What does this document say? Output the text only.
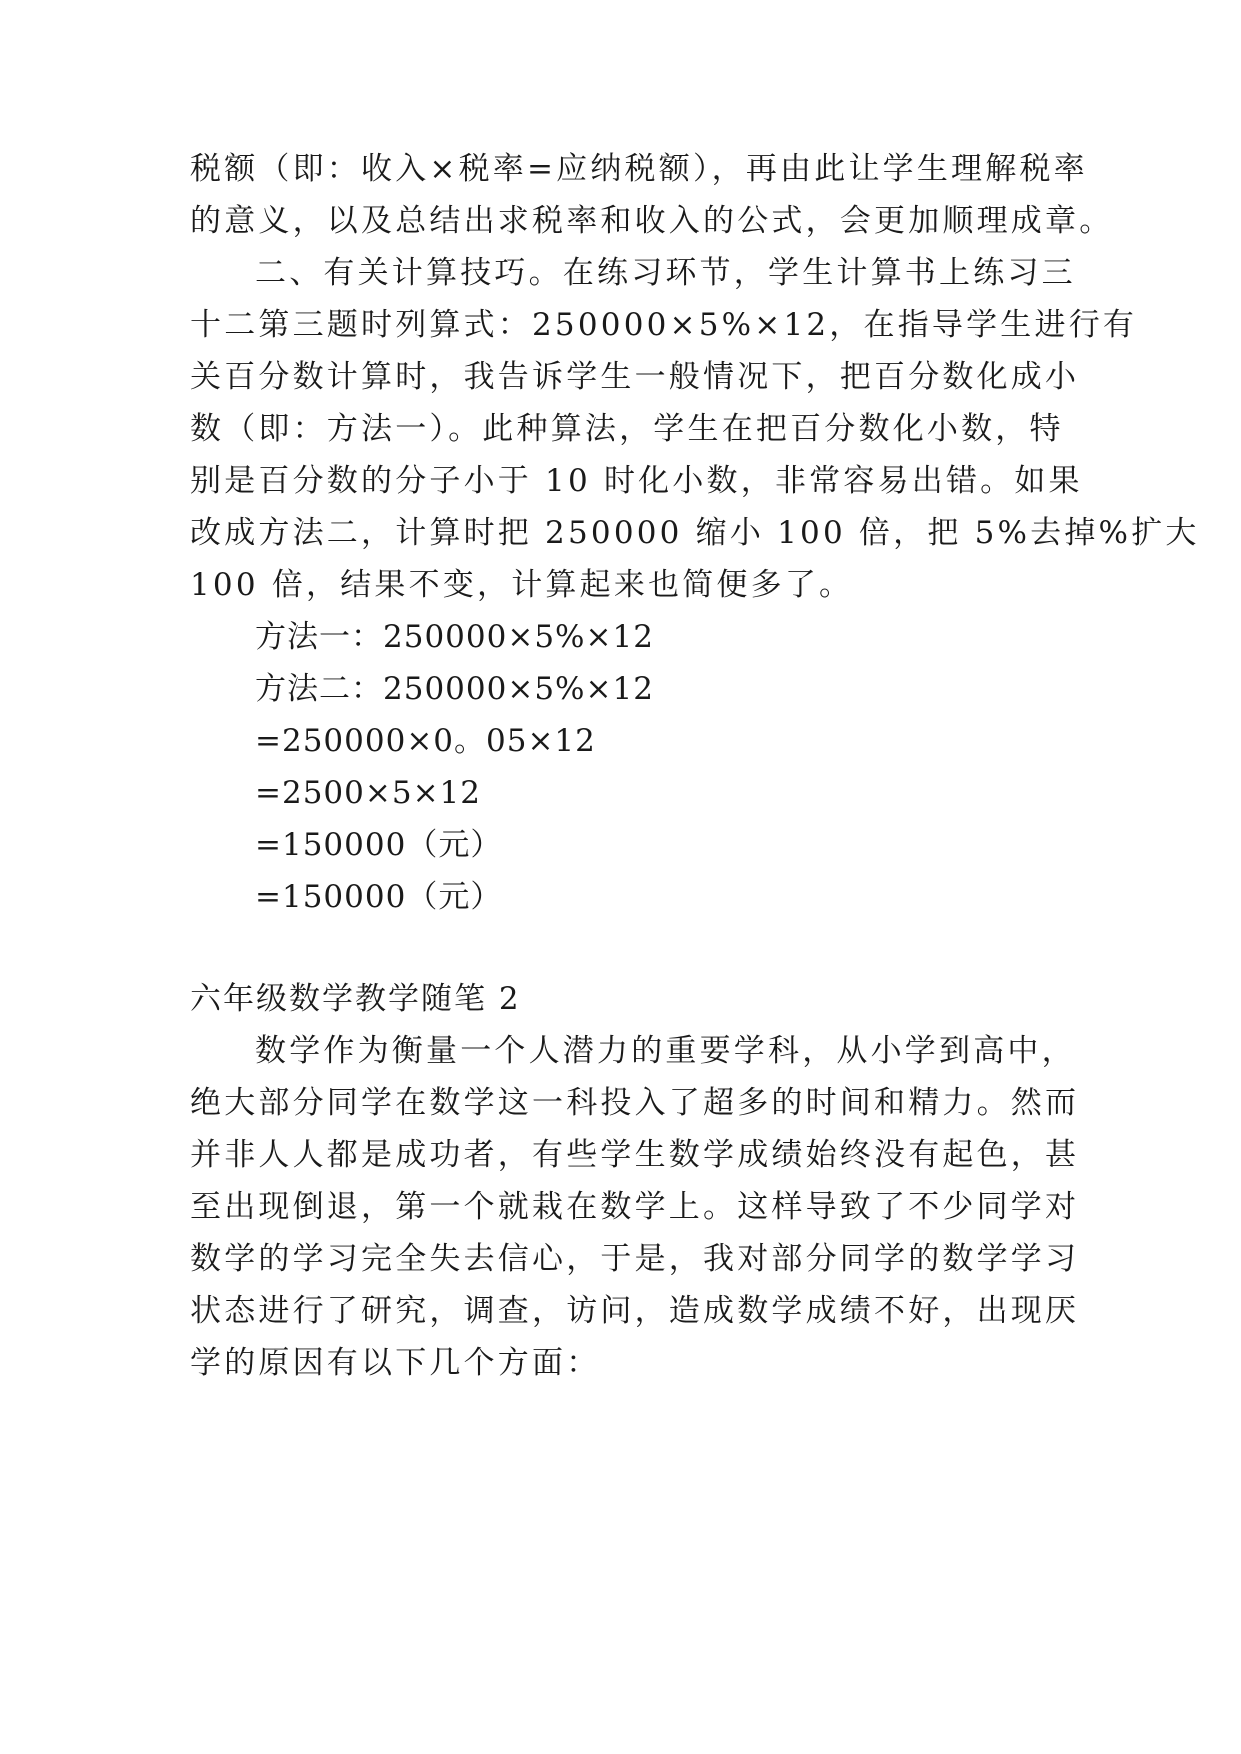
税额（即：收入×税率=应纳税额），再由此让学生理解税率
的意义，以及总结出求税率和收入的公式，会更加顺理成章。
二、有关计算技巧。在练习环节，学生计算书上练习三
十二第三题时列算式：250000×5%×12，在指导学生进行有
关百分数计算时，我告诉学生一般情况下，把百分数化成小
数（即：方法一）。此种算法，学生在把百分数化小数，特
别是百分数的分子小于 10 时化小数，非常容易出错。如果
改成方法二，计算时把 250000 缩小 100 倍，把 5%去掉%扩大
100 倍，结果不变，计算起来也简便多了。
方法一：250000×5%×12
方法二：250000×5%×12
=250000×0。05×12
=2500×5×12
=150000（元）
=150000（元）
六年级数学教学随笔 2
数学作为衡量一个人潜力的重要学科，从小学到高中，
绝大部分同学在数学这一科投入了超多的时间和精力。然而
并非人人都是成功者，有些学生数学成绩始终没有起色，甚
至出现倒退，第一个就栽在数学上。这样导致了不少同学对
数学的学习完全失去信心，于是，我对部分同学的数学学习
状态进行了研究，调查，访问，造成数学成绩不好，出现厌
学的原因有以下几个方面：
